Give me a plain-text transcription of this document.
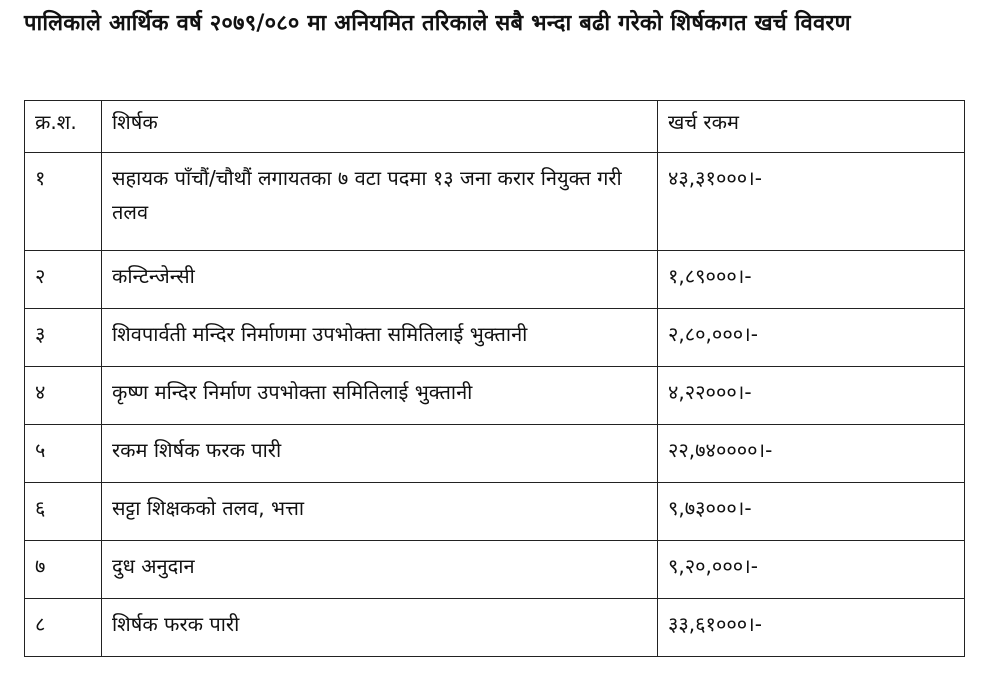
पालिकाले आर्थिक वर्ष २०७९/०८० मा अनियमित तरिकाले सबै भन्दा बढी गरेको शिर्षकगत खर्च विवरण
क्र.श.	शिर्षक	खर्च रकम
१	सहायक पाँचौं/चौथौं लगायतका ७ वटा पदमा १३ जना करार नियुक्त गरी तलव	४३,३१०००।-
२	कन्टिन्जेन्सी	१,८९०००।-
३	शिवपार्वती मन्दिर निर्माणमा उपभोक्ता समितिलाई भुक्तानी	२,८०,०००।-
४	कृष्ण मन्दिर निर्माण उपभोक्ता समितिलाई भुक्तानी	४,२२०००।-
५	रकम शिर्षक फरक पारी	२२,७४००००।-
६	सट्टा शिक्षकको तलव, भत्ता	९,७३०००।-
७	दुध अनुदान	९,२०,०००।-
८	शिर्षक फरक पारी	३३,६१०००।-
